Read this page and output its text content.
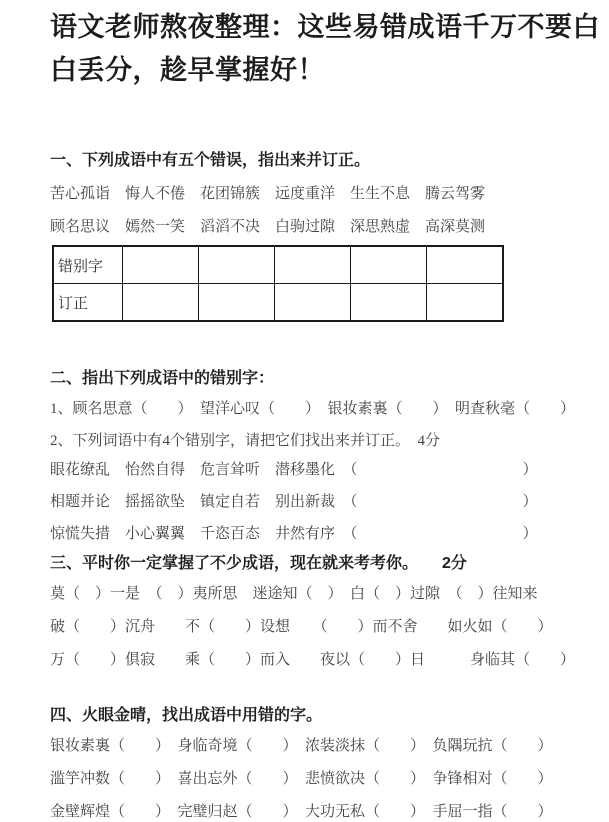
语文老师熬夜整理：这些易错成语千万不要白白丢分，趁早掌握好！
一、下列成语中有五个错误，指出来并订正。
苦心孤诣　悔人不倦　花团锦簇　远度重洋　生生不息　腾云驾雾
顾名思议　嫣然一笑　滔滔不决　白驹过隙　深思熟虚　高深莫测
错别字					
订正					
二、指出下列成语中的错别字：
1、顾名思意（　　）　望洋心叹（　　）　银妆素裏（　　）　明查秋毫（　　）
2、下列词语中有4个错别字，请把它们找出来并订正。　4分
眼花缭乱　怡然自得　危言耸听　潜移墨化　（　　　　　　　　　　　）
相题并论　摇摇欲坠　镇定自若　别出新裁　（　　　　　　　　　　　）
惊慌失措　小心翼翼　千恣百态　井然有序　（　　　　　　　　　　　）
三、平时你一定掌握了不少成语，现在就来考考你。　　2分
莫（　）一是　（　）夷所思　迷途知（　）　白（　）过隙　（　）往知来
破（　　）沉舟　　不（　　）设想　　（　　）而不舍　　如火如（　　）
万（　　）俱寂　　乘（　　）而入　　夜以（　　）日　　　身临其（　　）
四、火眼金晴，找出成语中用错的字。
银妆素裏（　　）　身临奇境（　　）　浓装淡抹（　　）　负隅玩抗（　　）
滥竽冲数（　　）　喜出忘外（　　）　悲愤欲决（　　）　争锋相对（　　）
金壁辉煌（　　）　完璧归赵（　　）　大功无私（　　）　手屈一指（　　）
